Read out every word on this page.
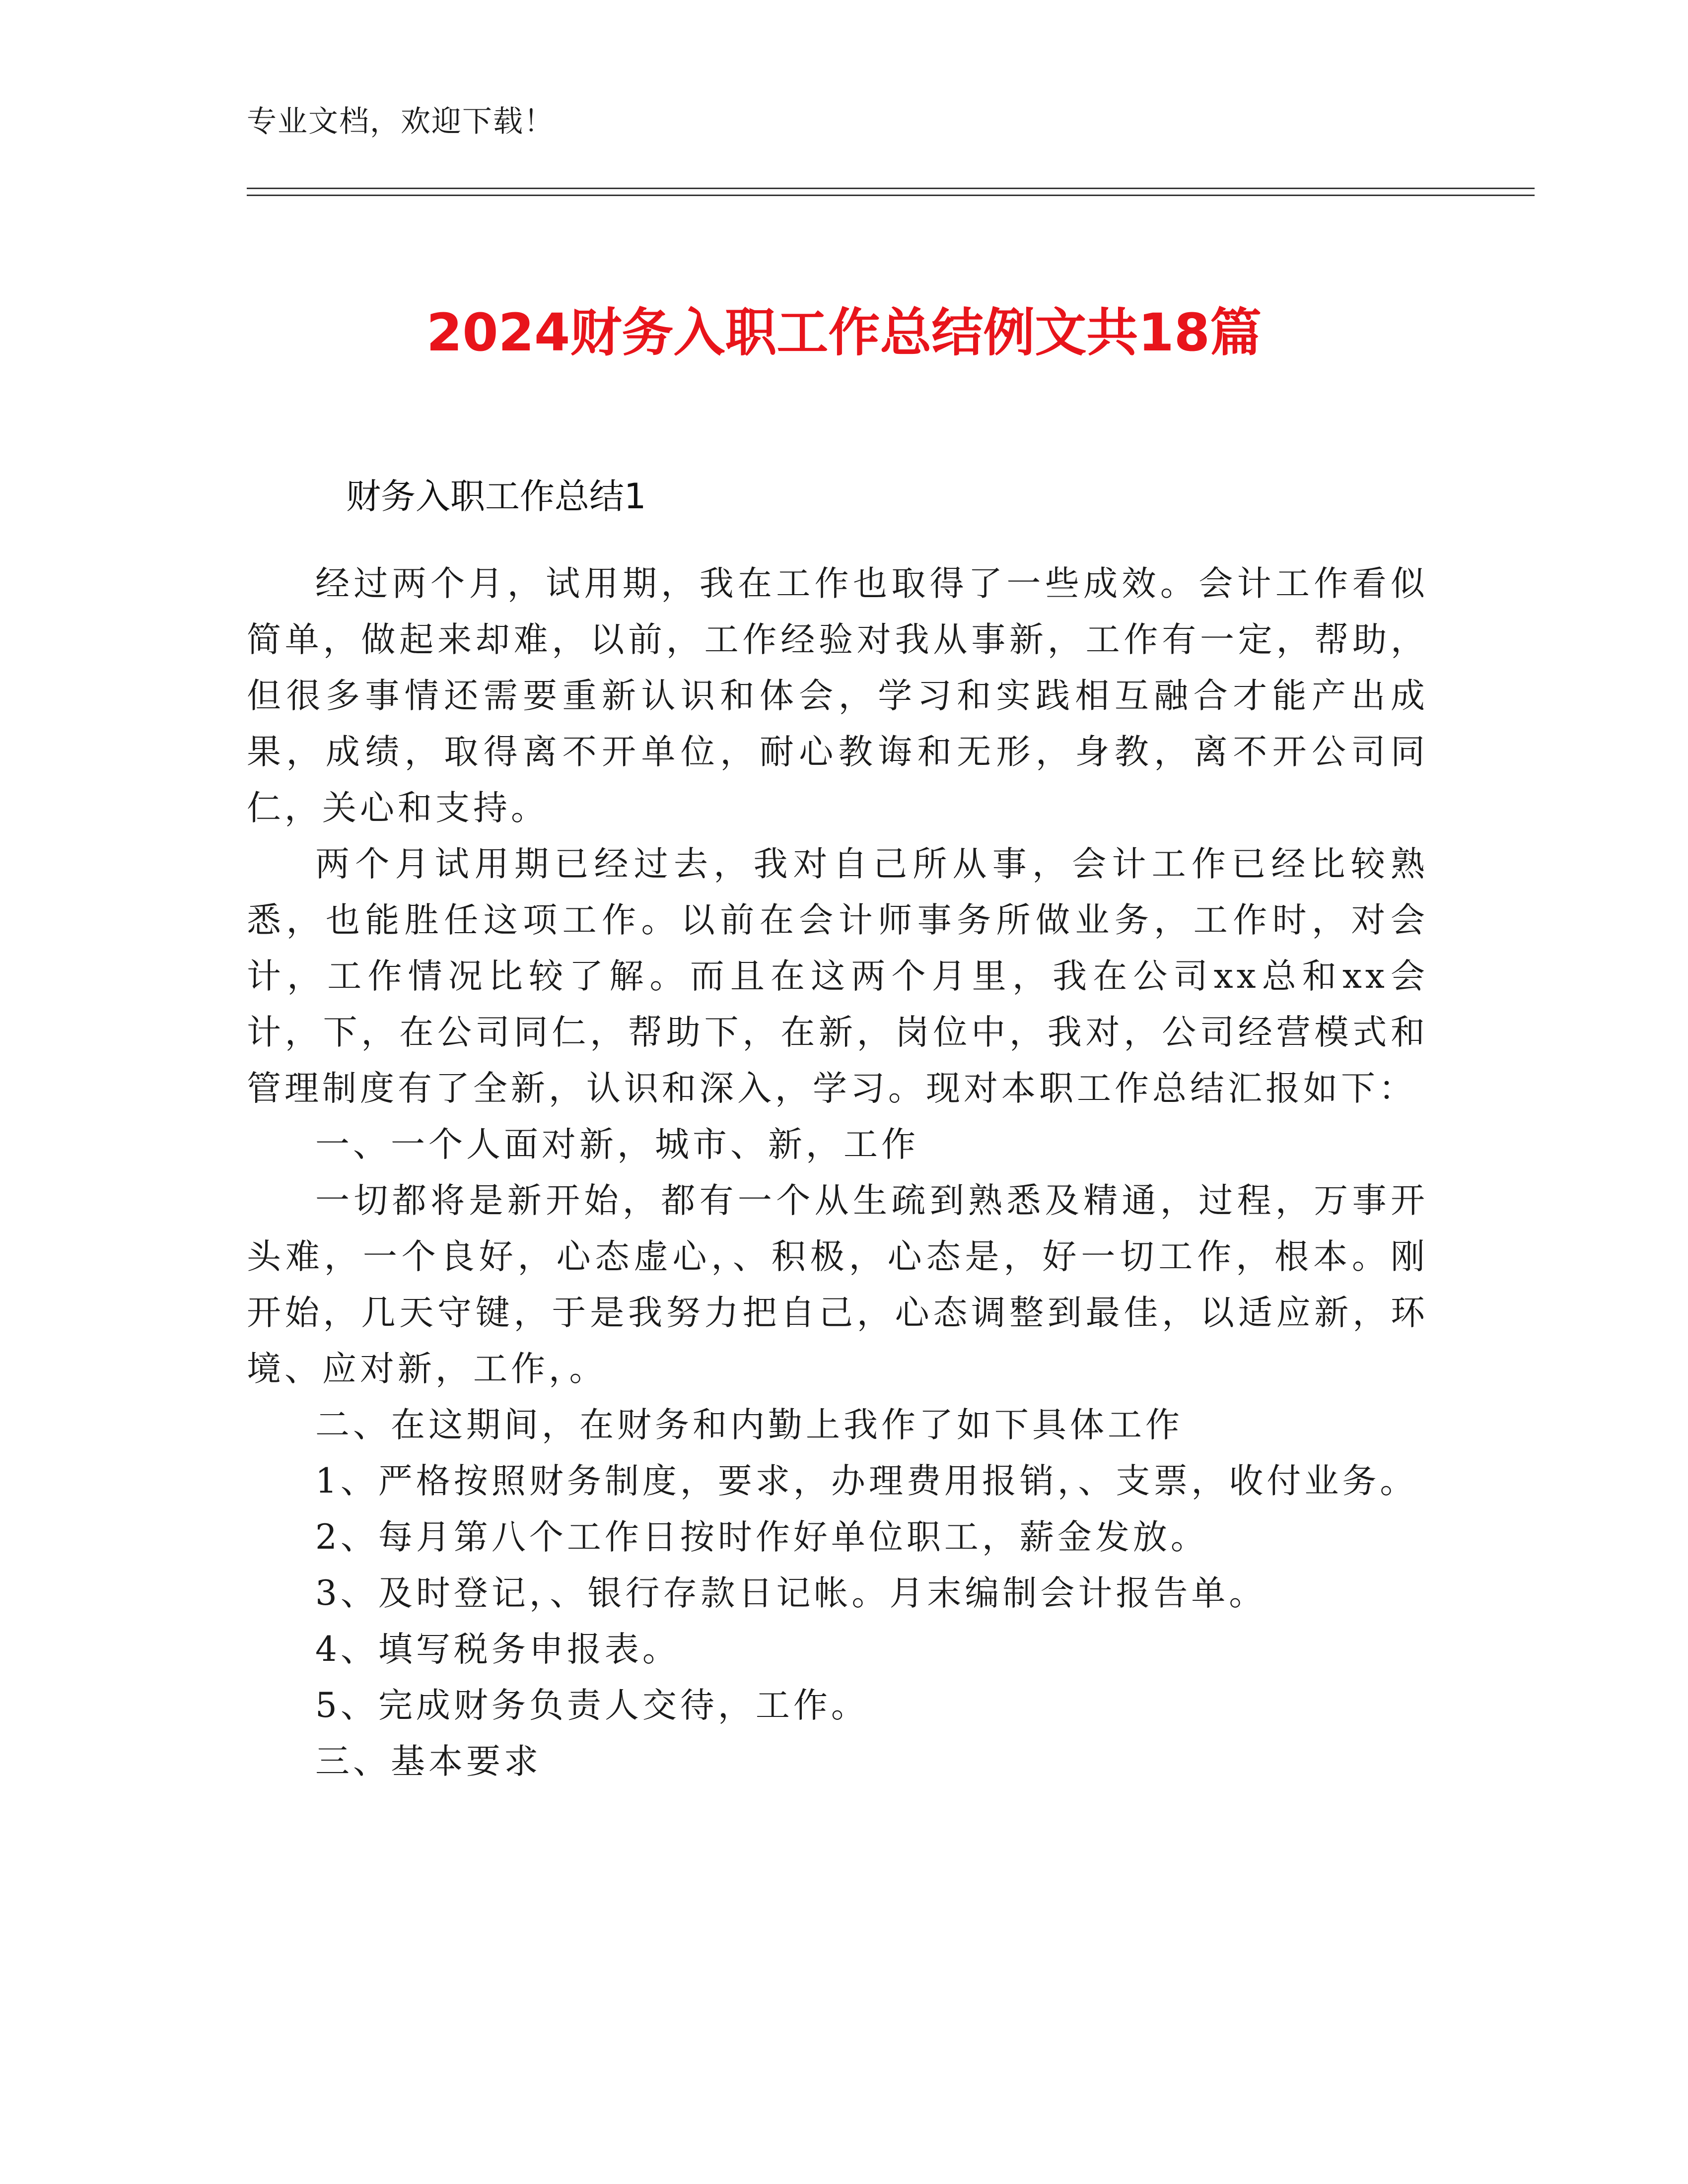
专业文档，欢迎下载！
2024财务入职工作总结例文共18篇
财务入职工作总结1

经过两个月，试用期，我在工作也取得了一些成效。会计工作看似简单，做起来却难，以前，工作经验对我从事新，工作有一定，帮助，但很多事情还需要重新认识和体会，学习和实践相互融合才能产出成果，成绩，取得离不开单位，耐心教诲和无形，身教，离不开公司同仁，关心和支持。

两个月试用期已经过去，我对自己所从事，会计工作已经比较熟悉，也能胜任这项工作。以前在会计师事务所做业务，工作时，对会计，工作情况比较了解。而且在这两个月里，我在公司xx总和xx会计，下，在公司同仁，帮助下，在新，岗位中，我对，公司经营模式和管理制度有了全新，认识和深入，学习。现对本职工作总结汇报如下：

一、一个人面对新，城市、新，工作

一切都将是新开始，都有一个从生疏到熟悉及精通，过程，万事开头难，一个良好，心态虚心，、积极，心态是，好一切工作，根本。刚开始，几天守键，于是我努力把自己，心态调整到最佳，以适应新，环境、应对新，工作，。

二、在这期间，在财务和内勤上我作了如下具体工作

1、严格按照财务制度，要求，办理费用报销，、支票，收付业务。

2、每月第八个工作日按时作好单位职工，薪金发放。

3、及时登记，、银行存款日记帐。月末编制会计报告单。

4、填写税务申报表。

5、完成财务负责人交待，工作。

三、基本要求
